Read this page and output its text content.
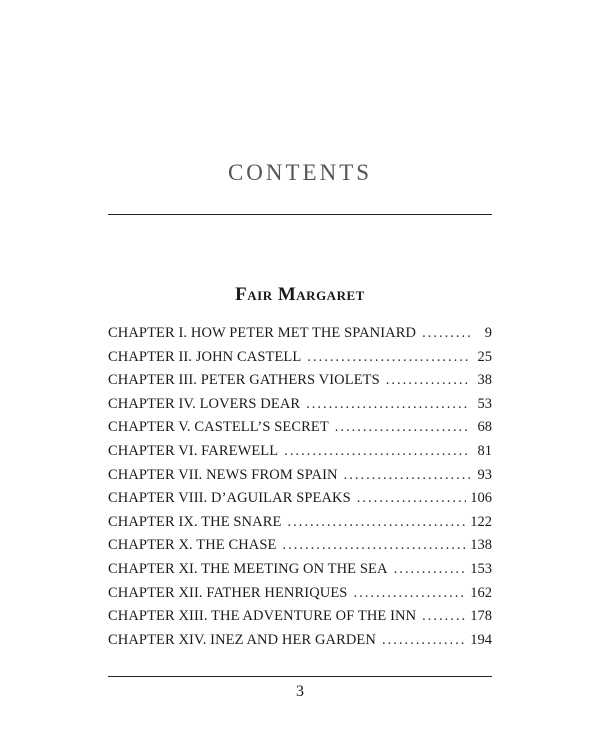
CONTENTS
Fair Margaret
CHAPTER I. HOW PETER MET THE SPANIARD .....	9
CHAPTER II. JOHN CASTELL .....	25
CHAPTER III. PETER GATHERS VIOLETS .....	38
CHAPTER IV. LOVERS DEAR .....	53
CHAPTER V. CASTELL’S SECRET .....	68
CHAPTER VI. FAREWELL .....	81
CHAPTER VII. NEWS FROM SPAIN .....	93
CHAPTER VIII. D’AGUILAR SPEAKS .....	106
CHAPTER IX. THE SNARE .....	122
CHAPTER X. THE CHASE .....	138
CHAPTER XI. THE MEETING ON THE SEA .....	153
CHAPTER XII. FATHER HENRIQUES .....	162
CHAPTER XIII. THE ADVENTURE OF THE INN .....	178
CHAPTER XIV. INEZ AND HER GARDEN .....	194
3
